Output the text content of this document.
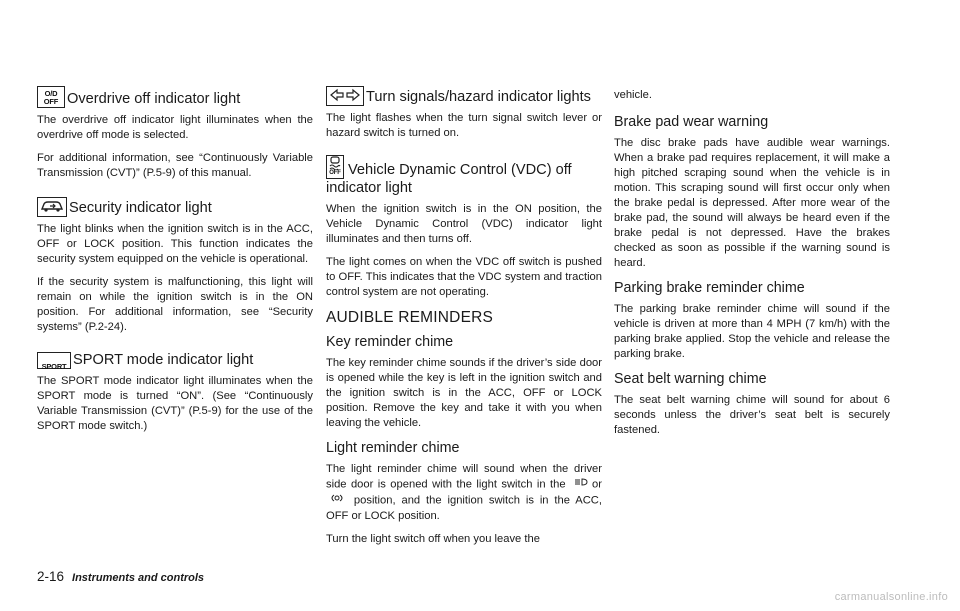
O/D
OFF Overdrive off indicator light

The overdrive off indicator light illuminates when the overdrive off mode is selected.

For additional information, see “Continuously Variable Transmission (CVT)” (P.5-9) of this manual.

Security indicator light

The light blinks when the ignition switch is in the ACC, OFF or LOCK position. This function indicates the security system equipped on the vehicle is operational.

If the security system is malfunctioning, this light will remain on while the ignition switch is in the ON position. For additional information, see “Security systems” (P.2-24).

SPORT SPORT mode indicator light

The SPORT mode indicator light illuminates when the SPORT mode is turned “ON”. (See “Continuously Variable Transmission (CVT)” (P.5-9) for the use of the SPORT mode switch.)

Turn signals/hazard indicator lights

The light flashes when the turn signal switch lever or hazard switch is turned on.

OFF Vehicle Dynamic Control (VDC) off
indicator light

When the ignition switch is in the ON position, the Vehicle Dynamic Control (VDC) indicator light illuminates and then turns off.

The light comes on when the VDC off switch is pushed to OFF. This indicates that the VDC system and traction control system are not operating.

AUDIBLE REMINDERS
Key reminder chime

The key reminder chime sounds if the driver’s side door is opened while the key is left in the ignition switch and the ignition switch is in the ACC, OFF or LOCK position. Remove the key and take it with you when leaving the vehicle.

Light reminder chime

The light reminder chime will sound when the driver side door is opened with the light switch in the or position, and the ignition switch is in the ACC, OFF or LOCK position.

Turn the light switch off when you leave the

vehicle.

Brake pad wear warning

The disc brake pads have audible wear warnings. When a brake pad requires replacement, it will make a high pitched scraping sound when the vehicle is in motion. This scraping sound will first occur only when the brake pedal is depressed. After more wear of the brake pad, the sound will always be heard even if the brake pedal is not depressed. Have the brakes checked as soon as possible if the warning sound is heard.

Parking brake reminder chime

The parking brake reminder chime will sound if the vehicle is driven at more than 4 MPH (7 km/h) with the parking brake applied. Stop the vehicle and release the parking brake.

Seat belt warning chime

The seat belt warning chime will sound for about 6 seconds unless the driver’s seat belt is securely fastened.

2-16 Instruments and controls
carmanualsonline.info
